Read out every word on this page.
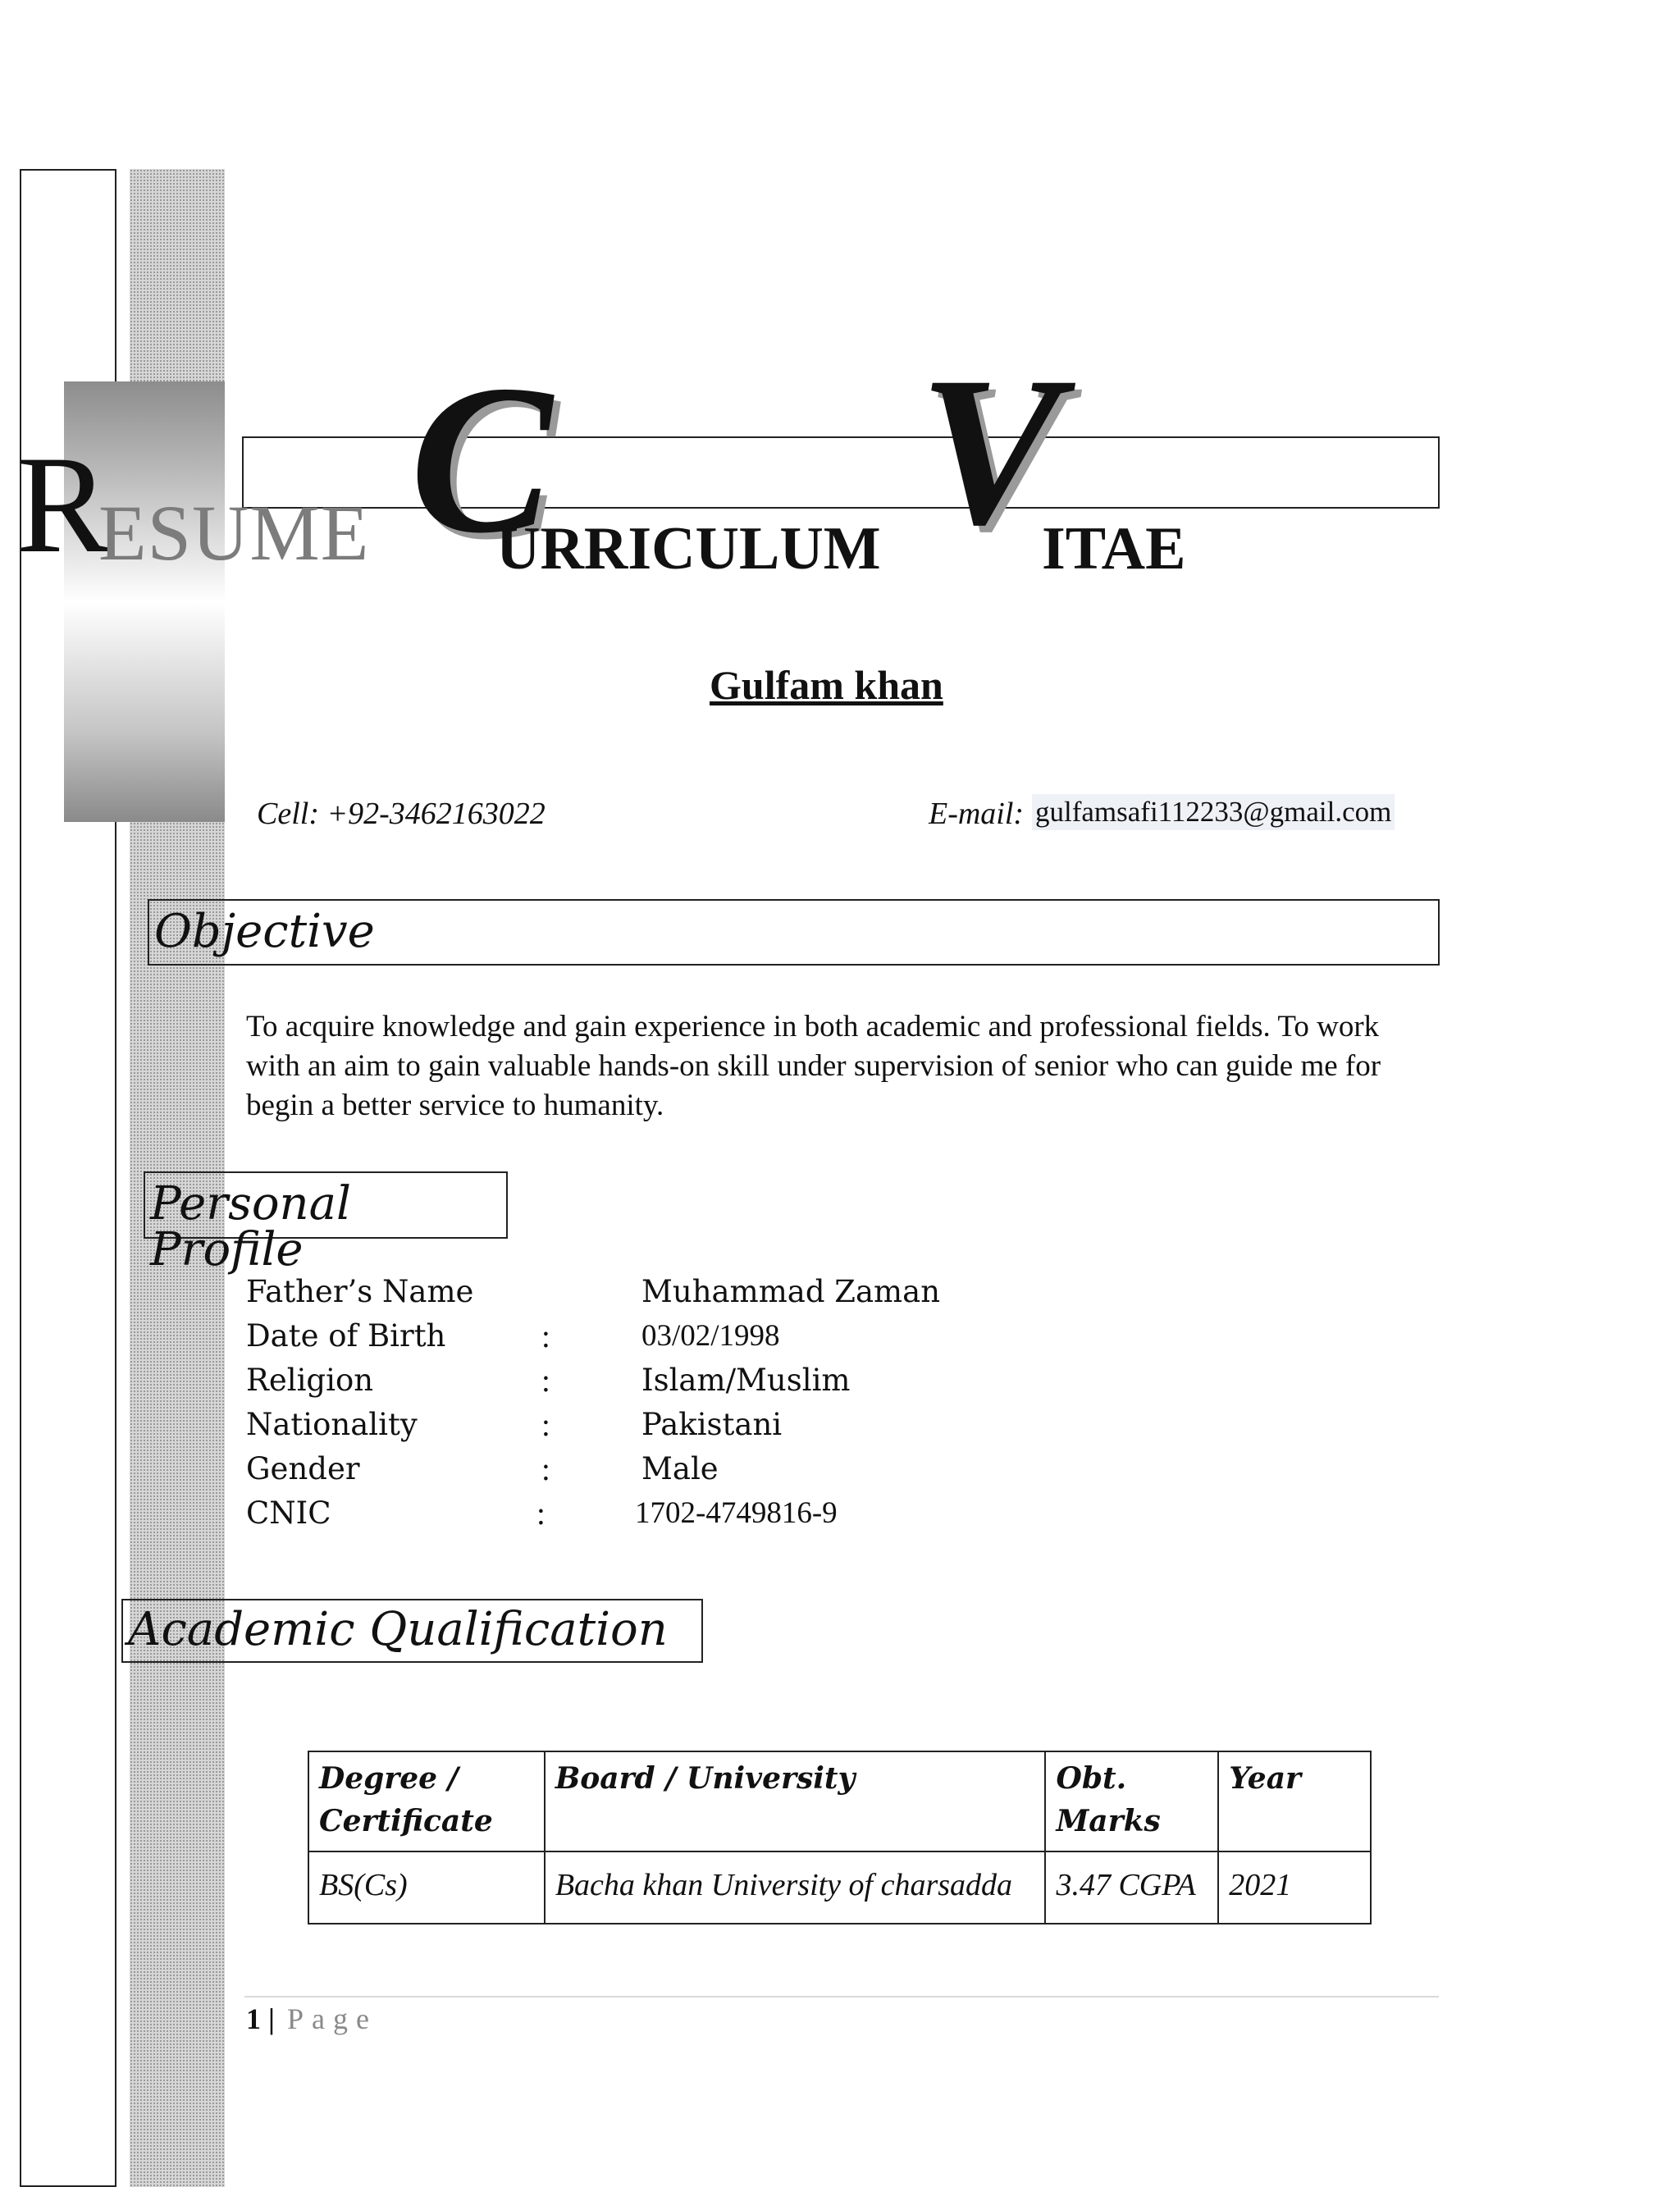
R
ESUME C
URRICULUM V
ITAE
Gulfam khan
Cell: +92-3462163022	E-mail: gulfamsafi112233@gmail.com
Objective
To acquire knowledge and gain experience in both academic and professional fields. To work with an aim to gain valuable hands-on skill under supervision of senior who can guide me for begin a better service to humanity.
Personal Profile
Father’s Name	Muhammad Zaman
Date of Birth	:	03/02/1998
Religion	:	Islam/Muslim
Nationality	:	Pakistani
Gender	:	Male
CNIC	:	1702-4749816-9
Academic Qualification
Degree / Certificate	Board / University	Obt. Marks	Year
BS(Cs)	Bacha khan University of charsadda	3.47 CGPA	2021
1 | Page
